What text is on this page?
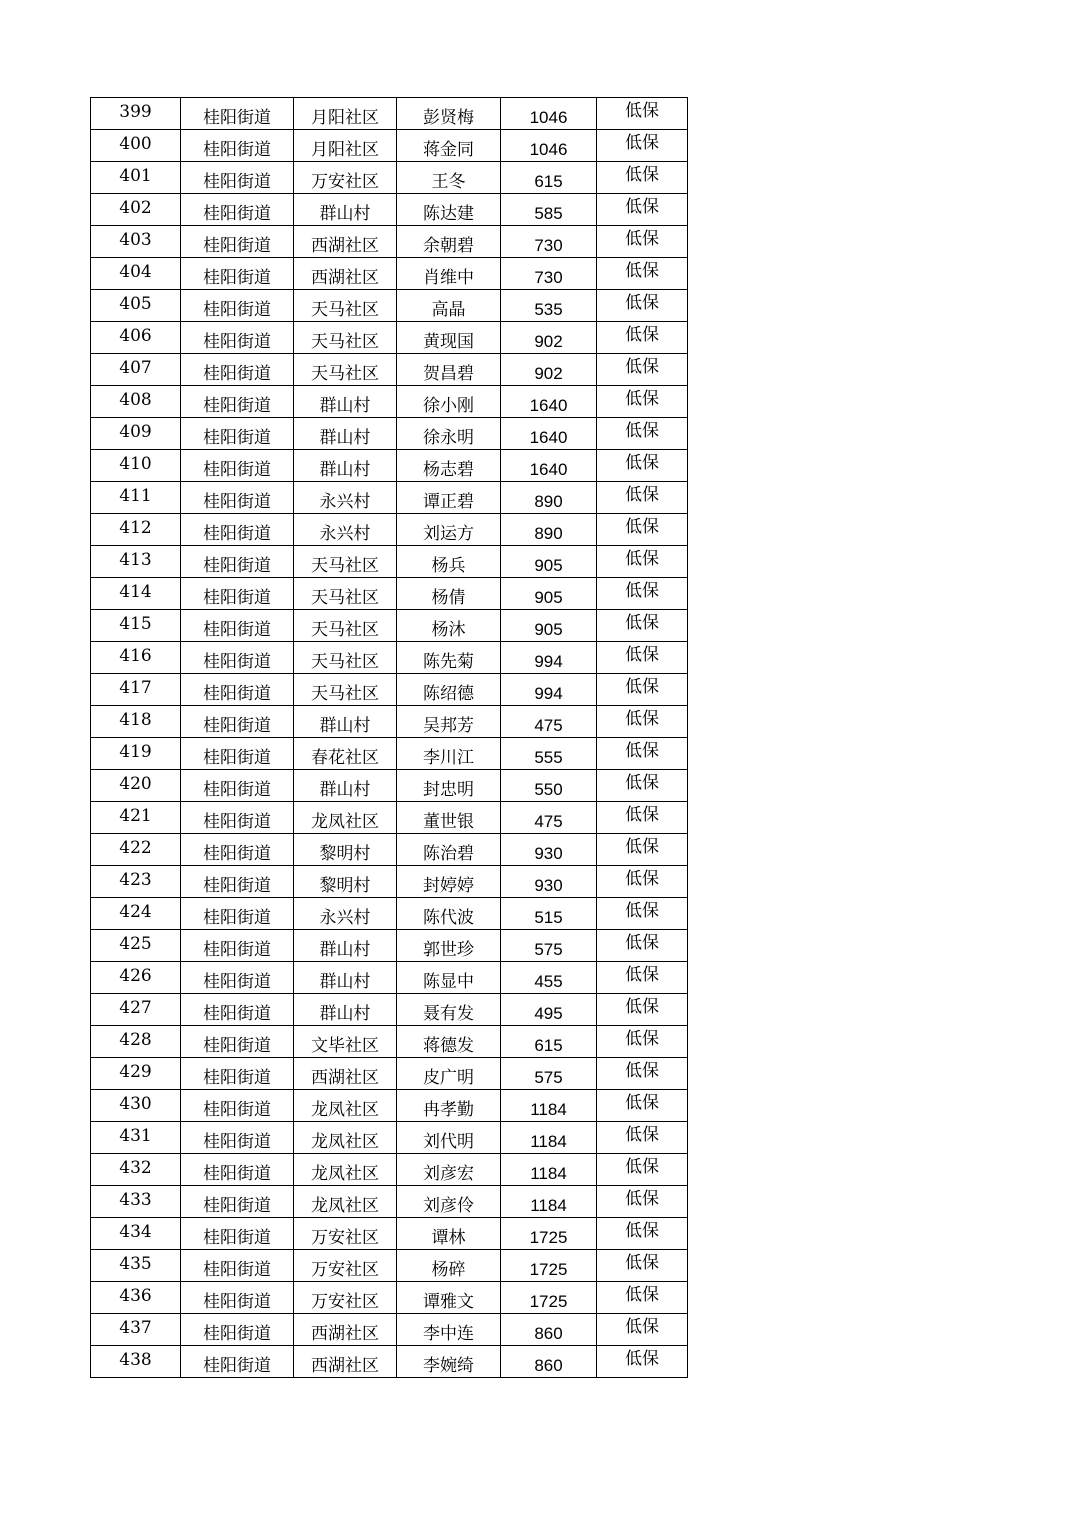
399	桂阳街道	月阳社区	彭贤梅	1046	低保
400	桂阳街道	月阳社区	蒋金同	1046	低保
401	桂阳街道	万安社区	王冬	615	低保
402	桂阳街道	群山村	陈达建	585	低保
403	桂阳街道	西湖社区	余朝碧	730	低保
404	桂阳街道	西湖社区	肖维中	730	低保
405	桂阳街道	天马社区	高晶	535	低保
406	桂阳街道	天马社区	黄现国	902	低保
407	桂阳街道	天马社区	贺昌碧	902	低保
408	桂阳街道	群山村	徐小刚	1640	低保
409	桂阳街道	群山村	徐永明	1640	低保
410	桂阳街道	群山村	杨志碧	1640	低保
411	桂阳街道	永兴村	谭正碧	890	低保
412	桂阳街道	永兴村	刘运方	890	低保
413	桂阳街道	天马社区	杨兵	905	低保
414	桂阳街道	天马社区	杨倩	905	低保
415	桂阳街道	天马社区	杨沐	905	低保
416	桂阳街道	天马社区	陈先菊	994	低保
417	桂阳街道	天马社区	陈绍德	994	低保
418	桂阳街道	群山村	吴邦芳	475	低保
419	桂阳街道	春花社区	李川江	555	低保
420	桂阳街道	群山村	封忠明	550	低保
421	桂阳街道	龙凤社区	董世银	475	低保
422	桂阳街道	黎明村	陈治碧	930	低保
423	桂阳街道	黎明村	封婷婷	930	低保
424	桂阳街道	永兴村	陈代波	515	低保
425	桂阳街道	群山村	郭世珍	575	低保
426	桂阳街道	群山村	陈显中	455	低保
427	桂阳街道	群山村	聂有发	495	低保
428	桂阳街道	文毕社区	蒋德发	615	低保
429	桂阳街道	西湖社区	皮广明	575	低保
430	桂阳街道	龙凤社区	冉孝勤	1184	低保
431	桂阳街道	龙凤社区	刘代明	1184	低保
432	桂阳街道	龙凤社区	刘彦宏	1184	低保
433	桂阳街道	龙凤社区	刘彦伶	1184	低保
434	桂阳街道	万安社区	谭林	1725	低保
435	桂阳街道	万安社区	杨碎	1725	低保
436	桂阳街道	万安社区	谭雅文	1725	低保
437	桂阳街道	西湖社区	李中连	860	低保
438	桂阳街道	西湖社区	李婉绮	860	低保
